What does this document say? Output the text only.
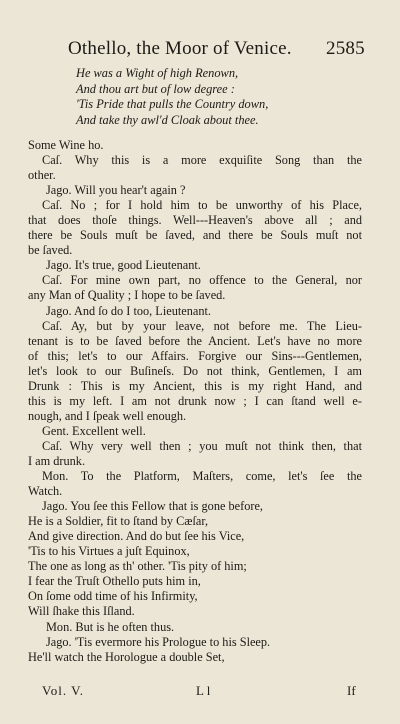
Othello, the Moor of Venice. 2585
He was a Wight of high Renown,
And thou art but of low degree :
'Tis Pride that pulls the Country down,
And take thy awl'd Cloak about thee.
Some Wine ho.
Caſ. Why this is a more exquiſite Song than the
other.
Jago. Will you hear't again ?
Caſ. No ; for I hold him to be unworthy of his Place,
that does thoſe things. Well---Heaven's above all ; and
there be Souls muſt be ſaved, and there be Souls muſt not
be ſaved.
Jago. It's true, good Lieutenant.
Caſ. For mine own part, no offence to the General, nor
any Man of Quality ; I hope to be ſaved.
Jago. And ſo do I too, Lieutenant.
Caſ. Ay, but by your leave, not before me. The Lieu-
tenant is to be ſaved before the Ancient. Let's have no more
of this; let's to our Affairs. Forgive our Sins---Gentlemen,
let's look to our Buſineſs. Do not think, Gentlemen, I am
Drunk : This is my Ancient, this is my right Hand, and
this is my left. I am not drunk now ; I can ſtand well e-
nough, and I ſpeak well enough.
Gent. Excellent well.
Caſ. Why very well then ; you muſt not think then, that
I am drunk.
Mon. To the Platform, Maſters, come, let's ſee the
Watch.
Jago. You ſee this Fellow that is gone before,
He is a Soldier, fit to ſtand by Cæſar,
And give direction. And do but ſee his Vice,
'Tis to his Virtues a juſt Equinox,
The one as long as th' other. 'Tis pity of him;
I fear the Truſt Othello puts him in,
On ſome odd time of his Infirmity,
Will ſhake this Iſland.
Mon. But is he often thus.
Jago. 'Tis evermore his Prologue to his Sleep.
He'll watch the Horologue a double Set,
Vol. V.	L l	If
